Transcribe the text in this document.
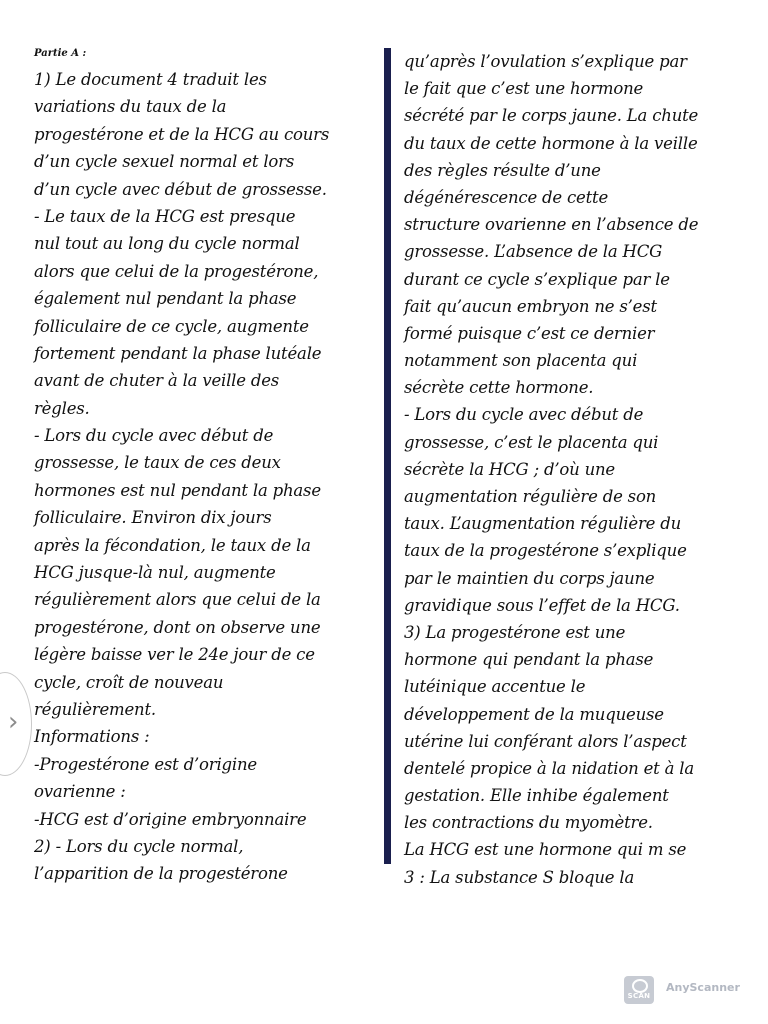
Partie A :
1) Le document 4 traduit les
variations du taux de la
progestérone et de la HCG au cours
d’un cycle sexuel normal et lors
d’un cycle avec début de grossesse.
- Le taux de la HCG est presque
nul tout au long du cycle normal
alors que celui de la progestérone,
également nul pendant la phase
folliculaire de ce cycle, augmente
fortement pendant la phase lutéale
avant de chuter à la veille des
règles.
- Lors du cycle avec début de
grossesse, le taux de ces deux
hormones est nul pendant la phase
folliculaire. Environ dix jours
après la fécondation, le taux de la
HCG jusque-là nul, augmente
régulièrement alors que celui de la
progestérone, dont on observe une
légère baisse ver le 24e jour de ce
cycle, croît de nouveau
régulièrement.
Informations :
-Progestérone est d’origine
ovarienne :
-HCG est d’origine embryonnaire
2) - Lors du cycle normal,
l’apparition de la progestérone
qu’après l’ovulation s’explique par
le fait que c’est une hormone
sécrété par le corps jaune. La chute
du taux de cette hormone à la veille
des règles résulte d’une
dégénérescence de cette
structure ovarienne en l’absence de
grossesse. L’absence de la HCG
durant ce cycle s’explique par le
fait qu’aucun embryon ne s’est
formé puisque c’est ce dernier
notamment son placenta qui
sécrète cette hormone.
- Lors du cycle avec début de
grossesse, c’est le placenta qui
sécrète la HCG ; d’où une
augmentation régulière de son
taux. L’augmentation régulière du
taux de la progestérone s’explique
par le maintien du corps jaune
gravidique sous l’effet de la HCG.
3) La progestérone est une
hormone qui pendant la phase
lutéinique accentue le
développement de la muqueuse
utérine lui conférant alors l’aspect
dentelé propice à la nidation et à la
gestation. Elle inhibe également
les contractions du myomètre.
La HCG est une hormone qui m se
3 : La substance S bloque la
›
SCAN
AnyScanner
